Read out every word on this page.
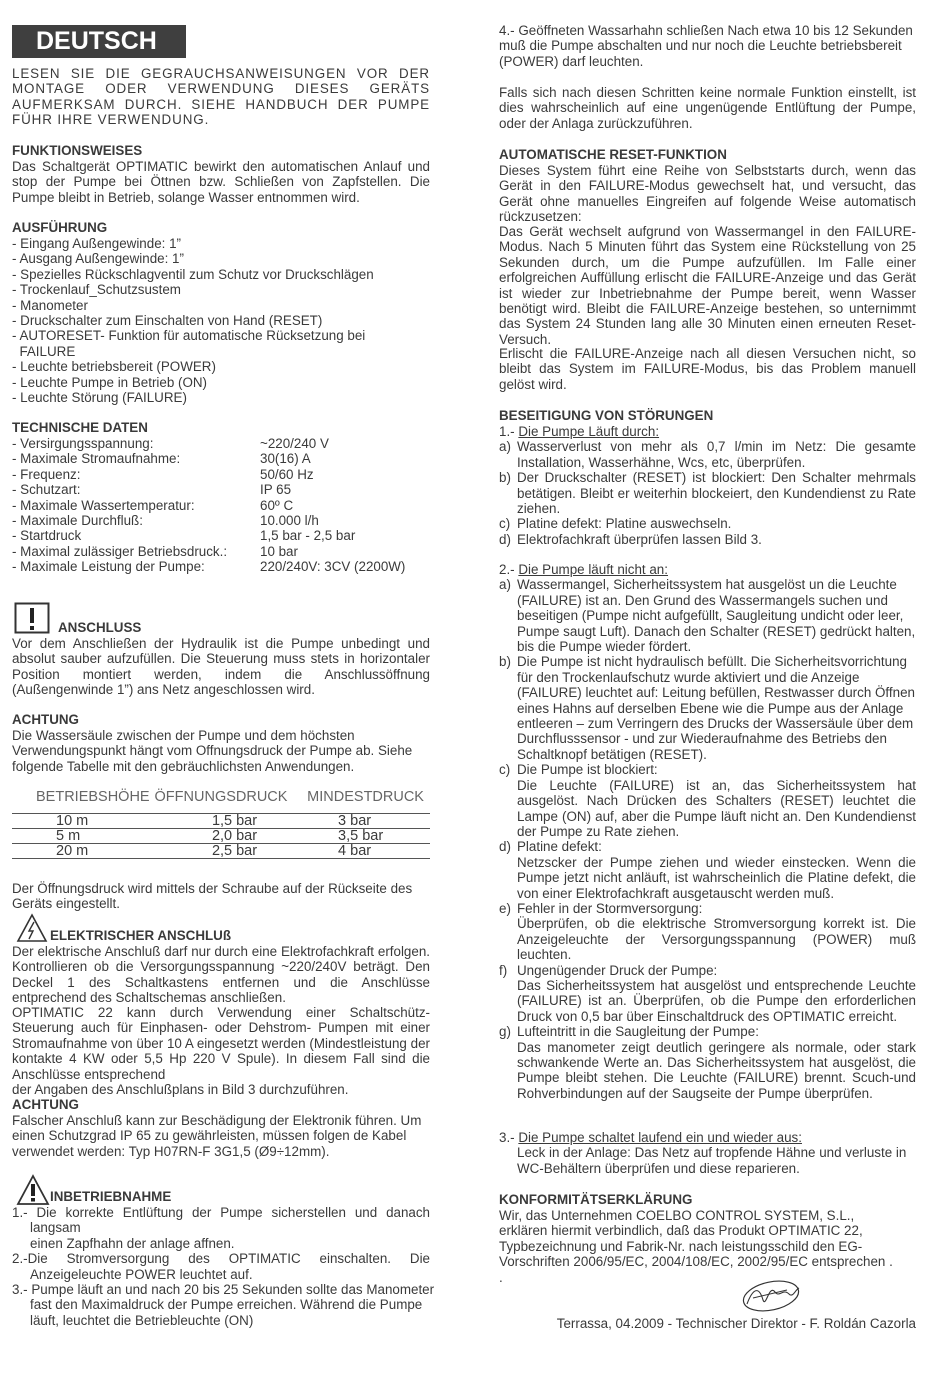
DEUTSCH

LESEN SIE DIE GEGRAUCHSANWEISUNGEN VOR DER MONTAGE ODER VERWENDUNG DIESES GERÄTS AUFMERKSAM DURCH. SIEHE HANDBUCH DER PUMPE FÜHR IHRE VERWENDUNG.

FUNKTIONSWEISES

Das Schaltgerät OPTIMATIC bewirkt den automatischen Anlauf und stop der Pumpe bei Öttnen bzw. Schließen von Zapfstellen. Die Pumpe bleibt in Betrieb, solange Wasser entnommen wird.

AUSFÜHRUNG

- Eingang Außengewinde: 1”
- Ausgang Außengewinde: 1”
- Spezielles Rückschlagventil zum Schutz vor Druckschlägen
- Trockenlauf_Schutzsustem
- Manometer
- Druckschalter zum Einschalten von Hand (RESET)
- AUTORESET- Funktion für automatische Rücksetzung bei
FAILURE
- Leuchte betriebsbereit (POWER)
- Leuchte Pumpe in Betrieb (ON)
- Leuchte Störung (FAILURE)

TECHNISCHE DATEN

- Versirgungsspannung:	~220/240 V
- Maximale Stromaufnahme:	30(16) A
- Frequenz:	50/60 Hz
- Schutzart:	IP 65
- Maximale Wassertemperatur:	60º C
- Maximale Durchfluß:	10.000 l/h
- Startdruck	1,5 bar - 2,5 bar
- Maximal zulässiger Betriebsdruck.:	10 bar
- Maximale Leistung der Pumpe:	220/240V: 3CV (2200W)

ANSCHLUSS

Vor dem Anschließen der Hydraulik ist die Pumpe unbedingt und absolut sauber aufzufüllen. Die Steuerung muss stets in horizontaler Position montiert werden, indem die Anschlussöffnung (Außengenwinde 1”) ans Netz angeschlossen wird.

ACHTUNG

Die Wassersäule zwischen der Pumpe und dem höchsten Verwendungspunkt hängt vom Offnungsdruck der Pumpe ab. Siehe folgende Tabelle mit den gebräuchlichsten Anwendungen.

BETRIEBSHÖHE ÖFFNUNGSDRUCK	MINDESTDRUCK
10 m	1,5 bar	3 bar
5 m	2,0 bar	3,5 bar
20 m	2,5 bar	4 bar

Der Öffnungsdruck wird mittels der Schraube auf der Rückseite des Geräts eingestellt.

ELEKTRISCHER ANSCHLUß

Der elektrische Anschluß darf nur durch eine Elektrofachkraft erfolgen. Kontrollieren ob die Versorgungsspannung ~220/240V beträgt. Den Deckel 1 des Schaltkastens entfernen und die Anschlüsse entprechend des Schaltschemas anschließen.

OPTIMATIC 22 kann durch Verwendung einer Schaltschütz-Steuerung auch für Einphasen- oder Dehstrom- Pumpen mit einer Stromaufnahme von über 10 A eingesetzt werden (Mindestleistung der kontakte 4 KW oder 5,5 Hp 220 V Spule). In diesem Fall sind die Anschlüsse entsprechend

der Angaben des Anschlußplans in Bild 3 durchzuführen.

ACHTUNG

Falscher Anschluß kann zur Beschädigung der Elektronik führen. Um einen Schutzgrad IP 65 zu gewährleisten, müssen folgen de Kabel verwendet werden: Typ H07RN-F 3G1,5 (Ø9÷12mm).

INBETRIEBNAHME

1.- Die korrekte Entlüftung der Pumpe sicherstellen und danach
langsam
einen Zapfhahn der anlage affnen.
2.-Die Stromversorgung des OPTIMATIC einschalten. Die
Anzeigeleuchte POWER leuchtet auf.
3.- Pumpe läuft an und nach 20 bis 25 Sekunden sollte das Manometer
fast den Maximaldruck der Pumpe erreichen. Während die Pumpe
läuft, leuchtet die Betriebleuchte (ON)

4.- Geöffneten Wassarhahn schließen Nach etwa 10 bis 12 Sekunden muß die Pumpe abschalten und nur noch die Leuchte betriebsbereit (POWER) darf leuchten.

Falls sich nach diesen Schritten keine normale Funktion einstellt, ist dies wahrscheinlich auf eine ungenügende Entlüftung der Pumpe, oder der Anlaga zurückzuführen.

AUTOMATISCHE RESET-FUNKTION

Dieses System führt eine Reihe von Selbststarts durch, wenn das Gerät in den FAILURE-Modus gewechselt hat, und versucht, das Gerät ohne manuelles Eingreifen auf folgende Weise automatisch rückzusetzen:

Das Gerät wechselt aufgrund von Wassermangel in den FAILURE-Modus. Nach 5 Minuten führt das System eine Rückstellung von 25 Sekunden durch, um die Pumpe aufzufüllen. Im Falle einer erfolgreichen Auffüllung erlischt die FAILURE-Anzeige und das Gerät ist wieder zur Inbetriebnahme der Pumpe bereit, wenn Wasser benötigt wird. Bleibt die FAILURE-Anzeige bestehen, so unternimmt das System 24 Stunden lang alle 30 Minuten einen erneuten Reset-Versuch.

Erlischt die FAILURE-Anzeige nach all diesen Versuchen nicht, so bleibt das System im FAILURE-Modus, bis das Problem manuell gelöst wird.

BESEITIGUNG VON STÖRUNGEN

1.- Die Pumpe Läuft durch:
a) Wasserverlust von mehr als 0,7 l/min im Netz: Die gesamte Installation, Wasserhähne, Wcs, etc, überprüfen.
b) Der Druckschalter (RESET) ist blockiert: Den Schalter mehrmals betätigen. Bleibt er weiterhin blockeiert, den Kundendienst zu Rate ziehen.
c) Platine defekt: Platine auswechseln.
d) Elektrofachkraft überprüfen lassen Bild 3.
2.- Die Pumpe läuft nicht an:
a) Wassermangel, Sicherheitssystem hat ausgelöst un die Leuchte (FAILURE) ist an. Den Grund des Wassermangels suchen und beseitigen (Pumpe nicht aufgefüllt, Saugleitung undicht oder leer, Pumpe saugt Luft). Danach den Schalter (RESET) gedrückt halten, bis die Pumpe wieder fördert.
b) Die Pumpe ist nicht hydraulisch befüllt. Die Sicherheitsvorrichtung für den Trockenlaufschutz wurde aktiviert und die Anzeige (FAILURE) leuchtet auf: Leitung befüllen, Restwasser durch Öffnen eines Hahns auf derselben Ebene wie die Pumpe aus der Anlage entleeren – zum Verringern des Drucks der Wassersäule über dem Durchflusssensor - und zur Wiederaufnahme des Betriebs den Schaltknopf betätigen (RESET).
c) Die Pumpe ist blockiert:

Die Leuchte (FAILURE) ist an, das Sicherheitssystem hat ausgelöst. Nach Drücken des Schalters (RESET) leuchtet die Lampe (ON) auf, aber die Pumpe läuft nicht an. Den Kundendienst der Pumpe zu Rate ziehen.
d) Platine defekt:

Netzscker der Pumpe ziehen und wieder einstecken. Wenn die Pumpe jetzt nicht anläuft, ist wahrscheinlich die Platine defekt, die von einer Elektrofachkraft ausgetauscht werden muß.
e) Fehler in der Stormversorgung:

Überprüfen, ob die elektrische Stromversorgung korrekt ist. Die Anzeigeleuchte der Versorgungsspannung (POWER) muß leuchten.
f) Ungenügender Druck der Pumpe:

Das Sicherheitssystem hat ausgelöst und entsprechende Leuchte (FAILURE) ist an. Überprüfen, ob die Pumpe den erforderlichen Druck von 0,5 bar über Einschaltdruck des OPTIMATIC erreicht.
g) Lufteintritt in die Saugleitung der Pumpe:

Das manometer zeigt deutlich geringere als normale, oder stark schwankende Werte an. Das Sicherheitssystem hat ausgelöst, die Pumpe bleibt stehen. Die Leuchte (FAILURE) brennt. Scuch-und Rohverbindungen auf der Saugseite der Pumpe überprüfen.
3.- Die Pumpe schaltet laufend ein und wieder aus:
Leck in der Anlage: Das Netz auf tropfende Hähne und verluste in WC-Behältern überprüfen und diese reparieren.

KONFORMITÄTSERKLÄRUNG

Wir, das Unternehmen COELBO CONTROL SYSTEM, S.L.,
erklären hiermit verbindlich, daß das Produkt OPTIMATIC 22,
Typbezeichnung und Fabrik-Nr. nach leistungsschild den EG-
Vorschriften 2006/95/EC, 2004/108/EC, 2002/95/EC entsprechen .
.

Terrassa, 04.2009 - Technischer Direktor - F. Roldán Cazorla
